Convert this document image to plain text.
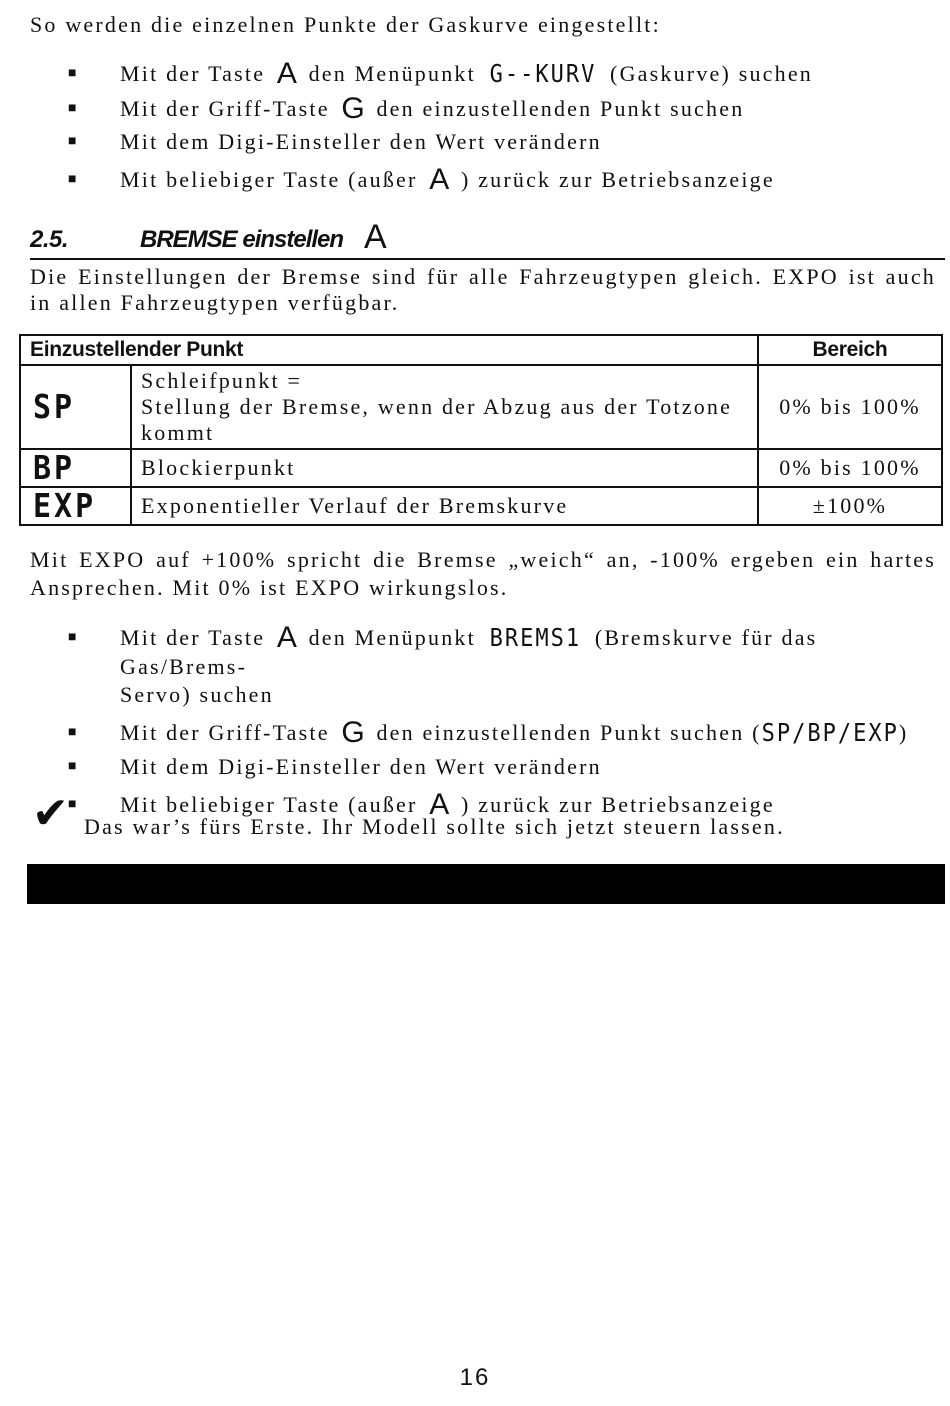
So werden die einzelnen Punkte der Gaskurve eingestellt:
■ Mit der Taste A den Menüpunkt G--KURV (Gaskurve) suchen
■ Mit der Griff-Taste G den einzustellenden Punkt suchen
■ Mit dem Digi-Einsteller den Wert verändern
■ Mit beliebiger Taste (außer A ) zurück zur Betriebsanzeige
2.5.	BREMSE einstellen A
Die Einstellungen der Bremse sind für alle Fahrzeugtypen gleich. EXPO ist auch in allen Fahrzeugtypen verfügbar.
Einzustellender Punkt		Bereich
SP	Schleifpunkt =
Stellung der Bremse, wenn der Abzug aus der Totzone
kommt	0% bis 100%
BP	Blockierpunkt	0% bis 100%
EXP	Exponentieller Verlauf der Bremskurve	±100%
Mit EXPO auf +100% spricht die Bremse „weich“ an, -100% ergeben ein hartes Ansprechen. Mit 0% ist EXPO wirkungslos.
■ Mit der Taste A den Menüpunkt BREMS1 (Bremskurve für das Gas/Brems-
Servo) suchen
■ Mit der Griff-Taste G den einzustellenden Punkt suchen (SP/BP/EXP)
■ Mit dem Digi-Einsteller den Wert verändern
■ Mit beliebiger Taste (außer A ) zurück zur Betriebsanzeige
✔ Das war’s fürs Erste. Ihr Modell sollte sich jetzt steuern lassen.
16
